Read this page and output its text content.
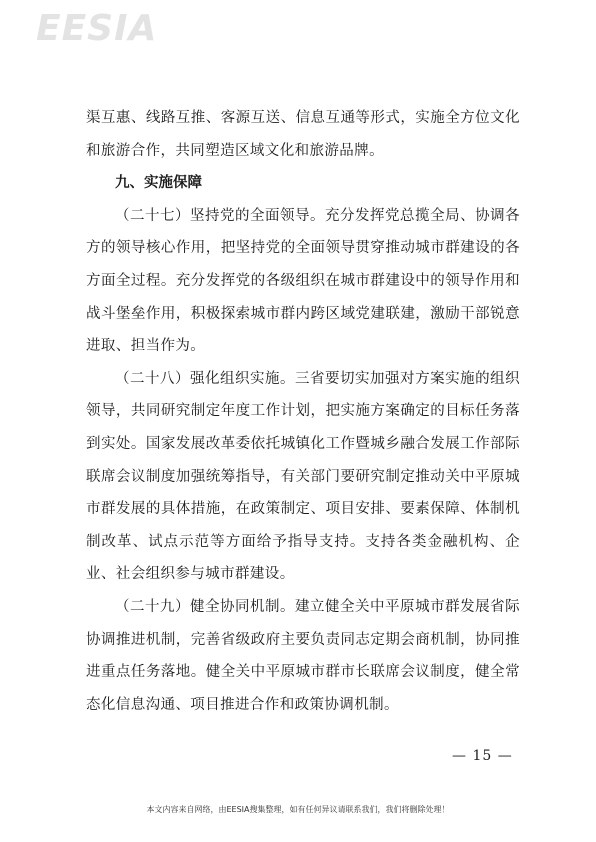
EESIA

渠互惠、线路互推、客源互送、信息互通等形式，实施全方位文化和旅游合作，共同塑造区域文化和旅游品牌。

九、实施保障

（二十七）坚持党的全面领导。充分发挥党总揽全局、协调各方的领导核心作用，把坚持党的全面领导贯穿推动城市群建设的各方面全过程。充分发挥党的各级组织在城市群建设中的领导作用和战斗堡垒作用，积极探索城市群内跨区域党建联建，激励干部锐意进取、担当作为。

（二十八）强化组织实施。三省要切实加强对方案实施的组织领导，共同研究制定年度工作计划，把实施方案确定的目标任务落到实处。国家发展改革委依托城镇化工作暨城乡融合发展工作部际联席会议制度加强统筹指导，有关部门要研究制定推动关中平原城市群发展的具体措施，在政策制定、项目安排、要素保障、体制机制改革、试点示范等方面给予指导支持。支持各类金融机构、企业、社会组织参与城市群建设。

（二十九）健全协同机制。建立健全关中平原城市群发展省际协调推进机制，完善省级政府主要负责同志定期会商机制，协同推进重点任务落地。健全关中平原城市群市长联席会议制度，健全常态化信息沟通、项目推进合作和政策协调机制。

— 15 —
本文内容来自网络，由EESIA搜集整理，如有任何异议请联系我们，我们将删除处理！
